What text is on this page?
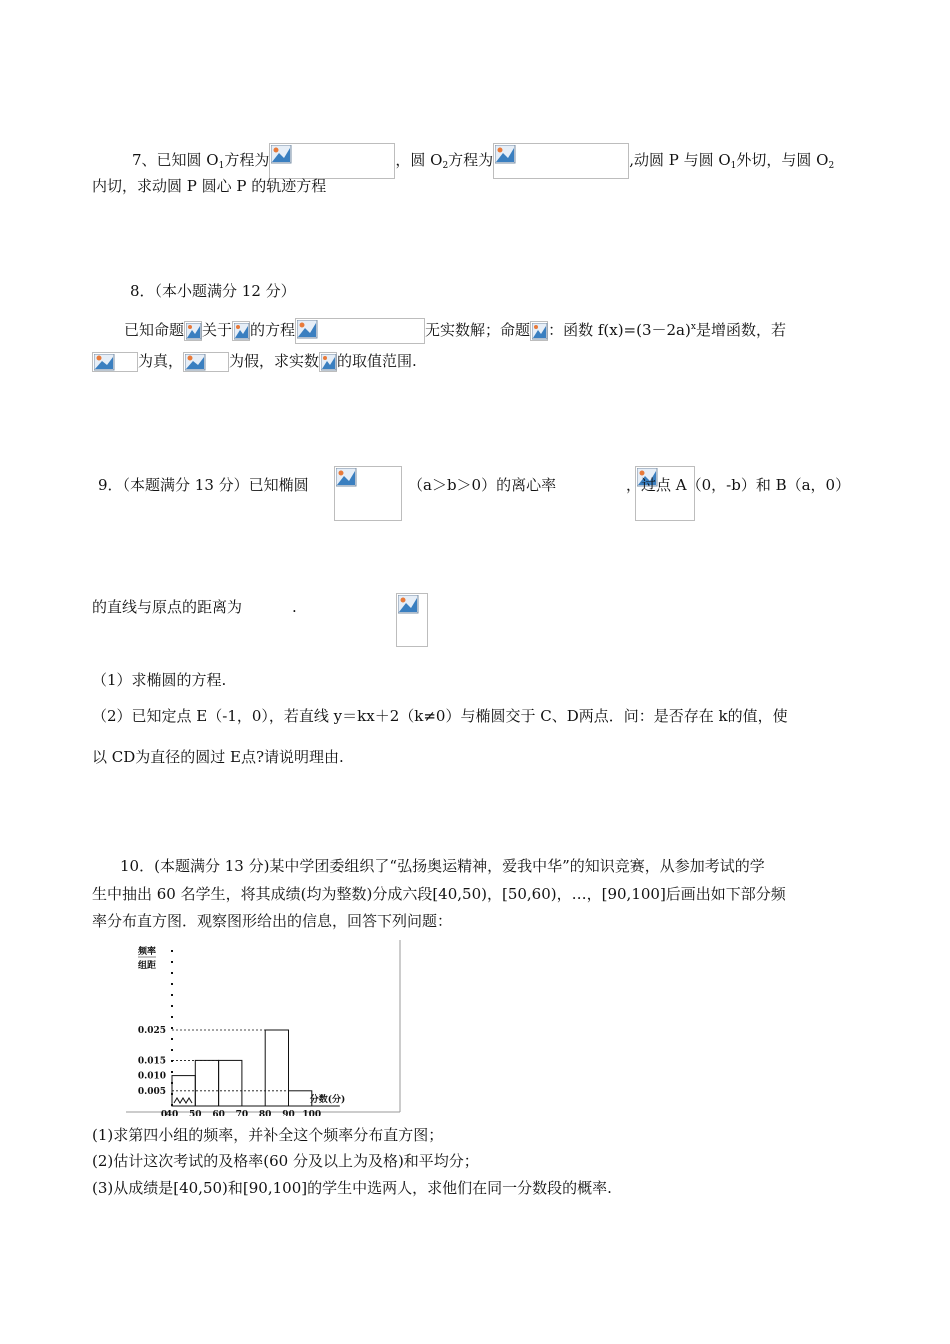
7、已知圆 $O_1$方程为	，圆 $O_2$方程为	,动圆 P 与圆 $O_1$外切，与圆 $O_2$
内切，求动圆 P 圆心 P 的轨迹方程
8．（本小题满分 12 分）
已知命题 关于 的方程	无实数解；命题 ：函数 $f(x)=(3-2a)^x$是增函数，若
为真，	为假，求实数 的取值范围.
9．（本题满分 13 分）已知椭圆
	（a＞b＞0）的离心率
	，过点 A（0，-b）和 B（a，0）
的直线与原点的距离为	.
（1）求椭圆的方程.
（2）已知定点 E（-1，0），若直线 y＝kx＋2（k≠0）与椭圆交于 C、D两点．问：是否存在 k的值，使
以 CD为直径的圆过 E点?请说明理由.
10．(本题满分 13 分)某中学团委组织了“弘扬奥运精神，爱我中华”的知识竞赛，从参加考试的学
生中抽出 60 名学生，将其成绩(均为整数)分成六段[40,50)，[50,60)，…，[90,100]后画出如下部分频
率分布直方图．观察图形给出的信息，回答下列问题：
0.025
0.015
0.010
0.005
40 50 60 70 80 90 100
0
频率
组距
分数(分)
(1)求第四小组的频率，并补全这个频率分布直方图；
(2)估计这次考试的及格率(60 分及以上为及格)和平均分；
(3)从成绩是[40,50)和[90,100]的学生中选两人，求他们在同一分数段的概率.
